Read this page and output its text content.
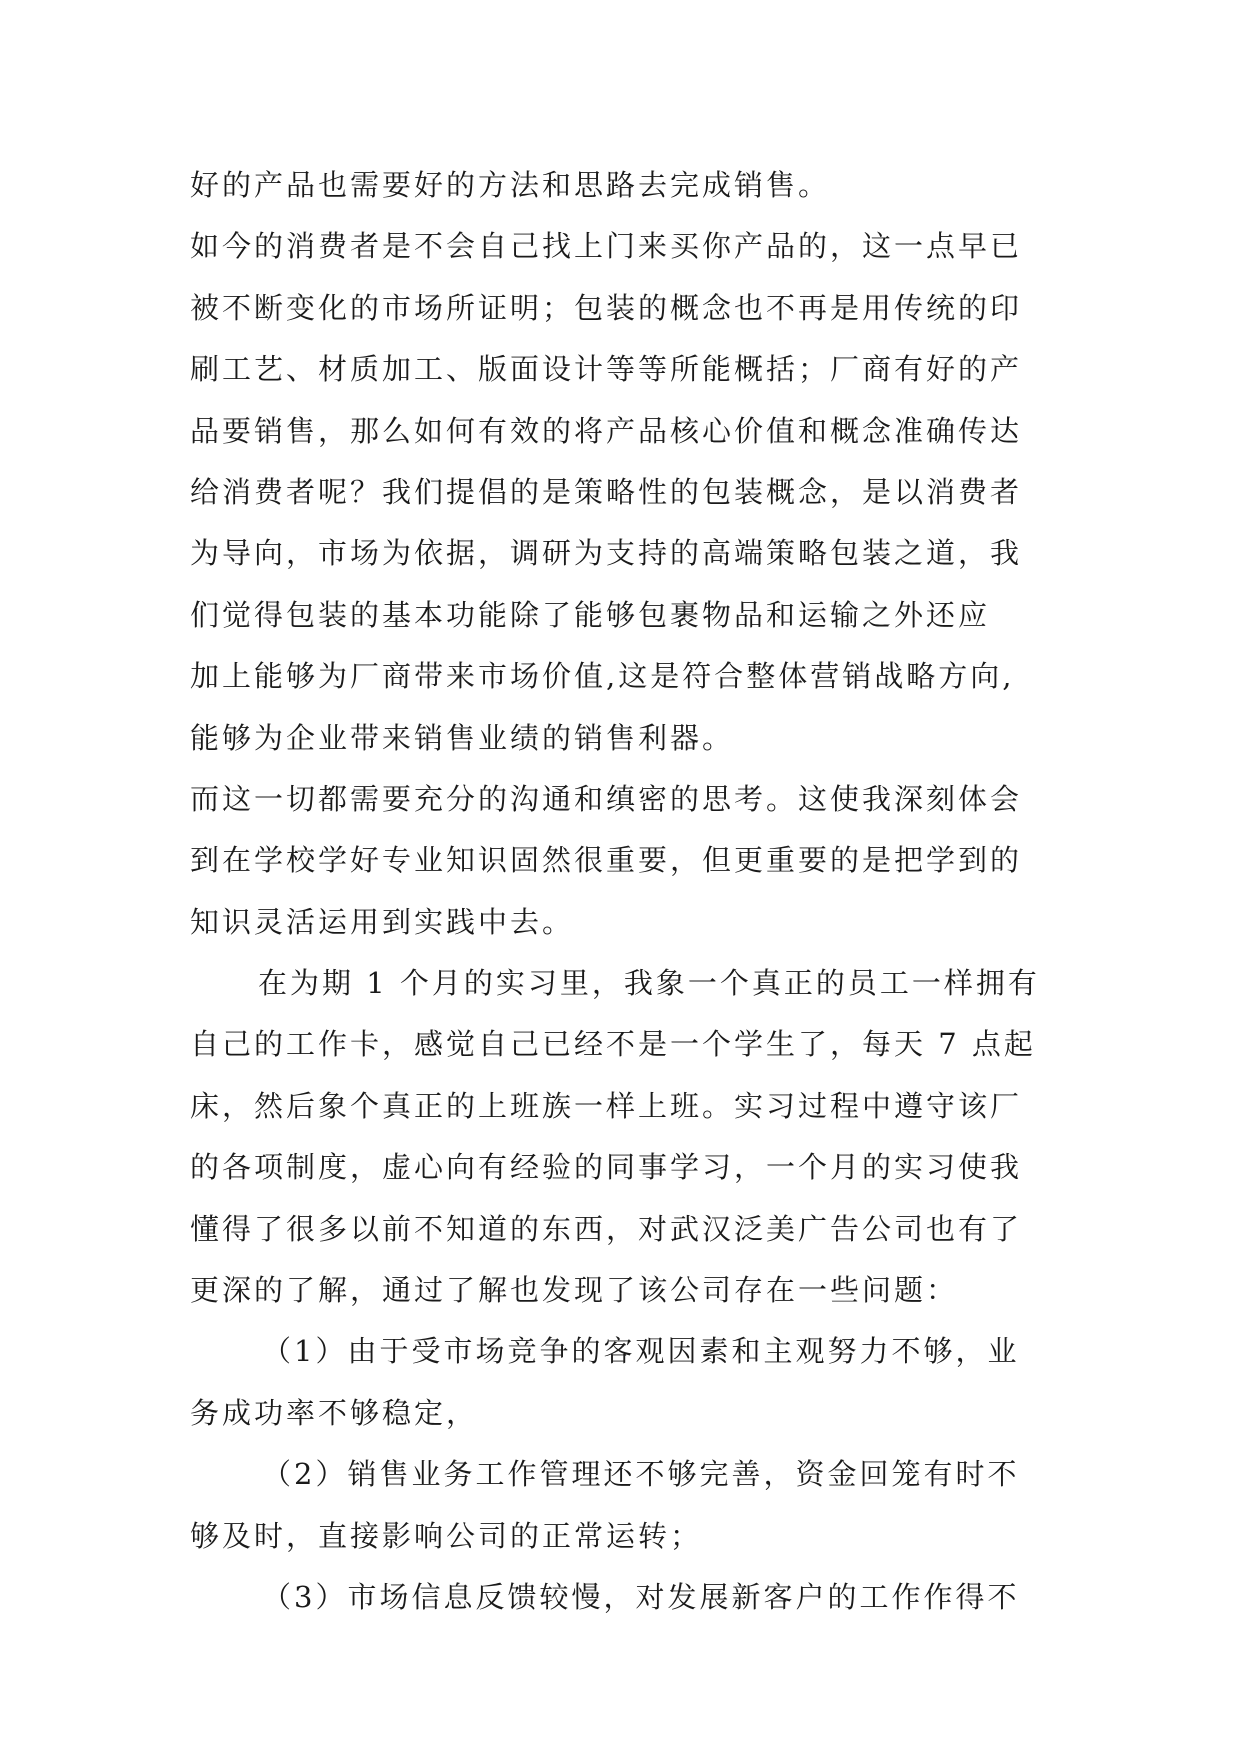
好的产品也需要好的方法和思路去完成销售。
如今的消费者是不会自己找上门来买你产品的，这一点早已
被不断变化的市场所证明；包装的概念也不再是用传统的印
刷工艺、材质加工、版面设计等等所能概括；厂商有好的产
品要销售，那么如何有效的将产品核心价值和概念准确传达
给消费者呢？我们提倡的是策略性的包装概念，是以消费者
为导向，市场为依据，调研为支持的高端策略包装之道，我
们觉得包装的基本功能除了能够包裹物品和运输之外还应
加上能够为厂商带来市场价值,这是符合整体营销战略方向,
能够为企业带来销售业绩的销售利器。
而这一切都需要充分的沟通和缜密的思考。这使我深刻体会
到在学校学好专业知识固然很重要，但更重要的是把学到的
知识灵活运用到实践中去。
在为期 1 个月的实习里，我象一个真正的员工一样拥有
自己的工作卡，感觉自己已经不是一个学生了，每天 7 点起
床，然后象个真正的上班族一样上班。实习过程中遵守该厂
的各项制度，虚心向有经验的同事学习，一个月的实习使我
懂得了很多以前不知道的东西，对武汉泛美广告公司也有了
更深的了解，通过了解也发现了该公司存在一些问题：
（1）由于受市场竞争的客观因素和主观努力不够，业
务成功率不够稳定，
（2）销售业务工作管理还不够完善，资金回笼有时不
够及时，直接影响公司的正常运转；
（3）市场信息反馈较慢，对发展新客户的工作作得不
